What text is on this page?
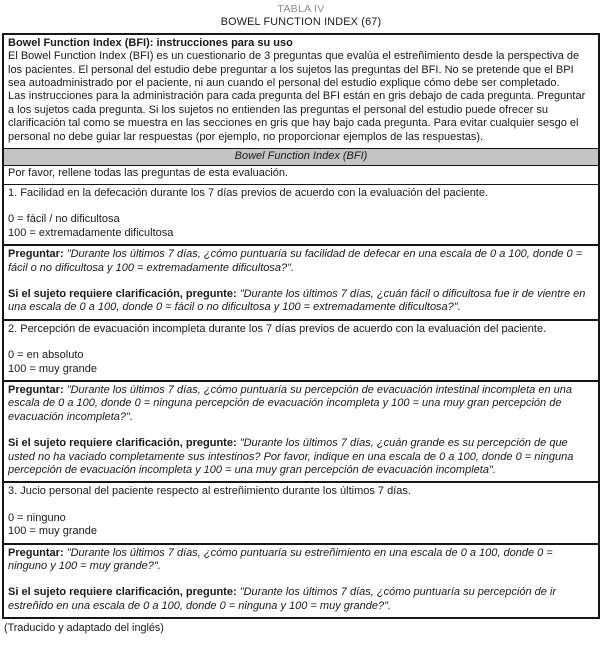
TABLA IV
BOWEL FUNCTION INDEX (67)
Bowel Function Index (BFI): instrucciones para su uso
El Bowel Function Index (BFI) es un cuestionario de 3 preguntas que evalúa el estreñimiento desde la perspectiva de los pacientes. El personal del estudio debe preguntar a los sujetos las preguntas del BFI. No se pretende que el BPI sea autoadministrado por el paciente, ni aun cuando el personal del estudio explique cómo debe ser completado.
Las instrucciones para la administración para cada pregunta del BFI están en gris debajo de cada pregunta. Preguntar a los sujetos cada pregunta. Si los sujetos no entienden las preguntas el personal del estudio puede ofrecer su clarificación tal como se muestra en las secciones en gris que hay bajo cada pregunta. Para evitar cualquier sesgo el personal no debe guiar lar respuestas (por ejemplo, no proporcionar ejemplos de las respuestas).
Bowel Function Index (BFI)
Por favor, rellene todas las preguntas de esta evaluación.
1. Facilidad en la defecación durante los 7 días previos de acuerdo con la evaluación del paciente.
0 = fácil / no dificultosa
100 = extremadamente dificultosa

Preguntar: "Durante los últimos 7 días, ¿cómo puntuaría su facilidad de defecar en una escala de 0 a 100, donde 0 = fácil o no dificultosa y 100 = extremadamente dificultosa?".

Si el sujeto requiere clarificación, pregunte: "Durante los últimos 7 días, ¿cuán fácil o dificultosa fue ir de vientre en una escala de 0 a 100, donde 0 = fácil o no dificultosa y 100 = extremadamente dificultosa?".

2. Percepción de evacuación incompleta durante los 7 días previos de acuerdo con la evaluación del paciente.
0 = en absoluto
100 = muy grande

Preguntar: "Durante los últimos 7 días, ¿cómo puntuaría su percepción de evacuación intestinal incompleta en una escala de 0 a 100, donde 0 = ninguna percepción de evacuación incompleta y 100 = una muy gran percepción de evacuación incompleta?".

Si el sujeto requiere clarificación, pregunte: "Durante los últimos 7 días, ¿cuán grande es su percepción de que usted no ha vaciado completamente sus intestinos? Por favor, indique en una escala de 0 a 100, donde 0 = ninguna percepción de evacuación incompleta y 100 = una muy gran percepción de evacuación incompleta".

3. Jucio personal del paciente respecto al estreñimiento durante los últimos 7 días.
0 = ninguno
100 = muy grande

Preguntar: "Durante los últimos 7 días, ¿cómo puntuaría su estreñimiento en una escala de 0 a 100, donde 0 = ninguno y 100 = muy grande?".

Si el sujeto requiere clarificación, pregunte: "Durante los últimos 7 días, ¿cómo puntuaría su percepción de ir estreñido en una escala de 0 a 100, donde 0 = ninguna y 100 = muy grande?".

(Traducido y adaptado del inglés)
